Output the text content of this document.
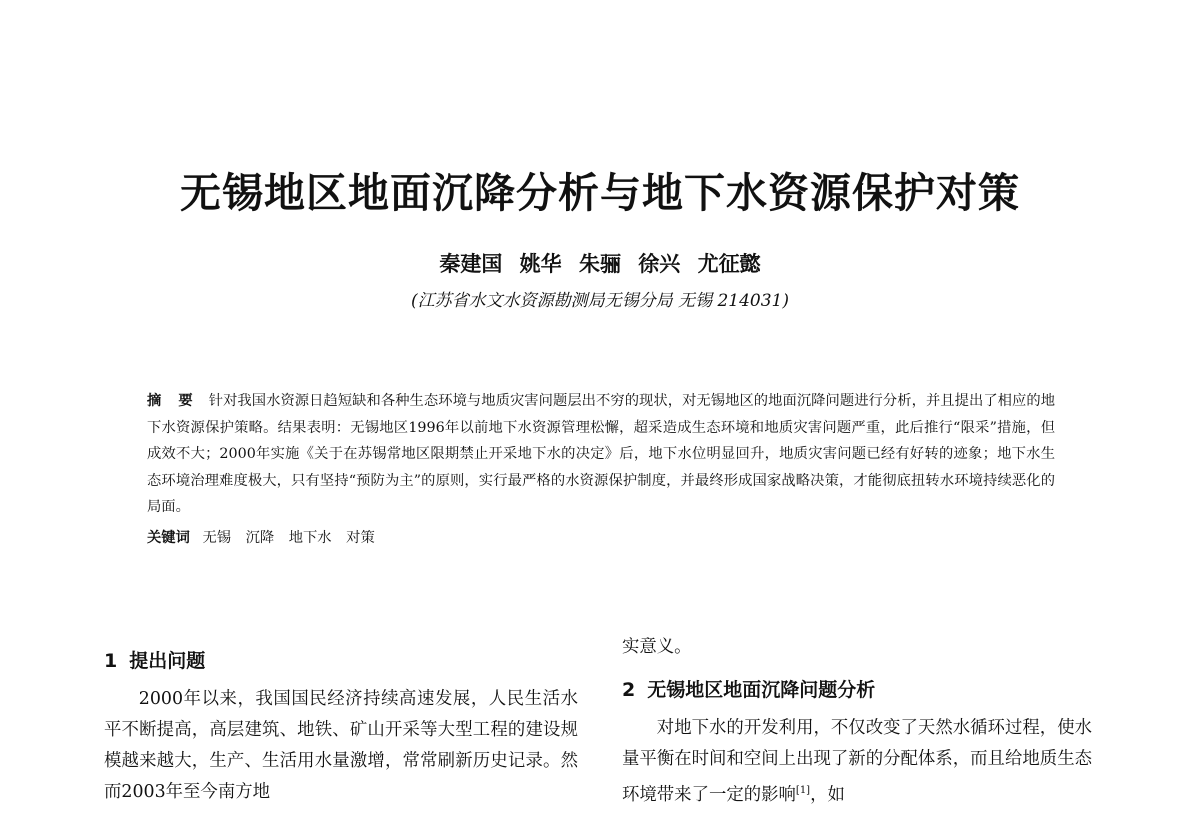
无锡地区地面沉降分析与地下水资源保护对策
秦建国 姚华 朱骊 徐兴 尤征懿
(江苏省水文水资源勘测局无锡分局 无锡 214031)
摘 要 针对我国水资源日趋短缺和各种生态环境与地质灾害问题层出不穷的现状，对无锡地区的地面沉降问题进行分析，并且提出了相应的地下水资源保护策略。结果表明：无锡地区1996年以前地下水资源管理松懈，超采造成生态环境和地质灾害问题严重，此后推行“限采”措施，但成效不大；2000年实施《关于在苏锡常地区限期禁止开采地下水的决定》后，地下水位明显回升，地质灾害问题已经有好转的迹象；地下水生态环境治理难度极大，只有坚持“预防为主”的原则，实行最严格的水资源保护制度，并最终形成国家战略决策，才能彻底扭转水环境持续恶化的局面。
关键词 无锡 沉降 地下水 对策
1 提出问题

2000年以来，我国国民经济持续高速发展，人民生活水平不断提高，高层建筑、地铁、矿山开采等大型工程的建设规模越来越大，生产、生活用水量激增，常常刷新历史记录。然而2003年至今南方地

实意义。

2 无锡地区地面沉降问题分析

对地下水的开发利用，不仅改变了天然水循环过程，使水量平衡在时间和空间上出现了新的分配体系，而且给地质生态环境带来了一定的影响[1]，如
